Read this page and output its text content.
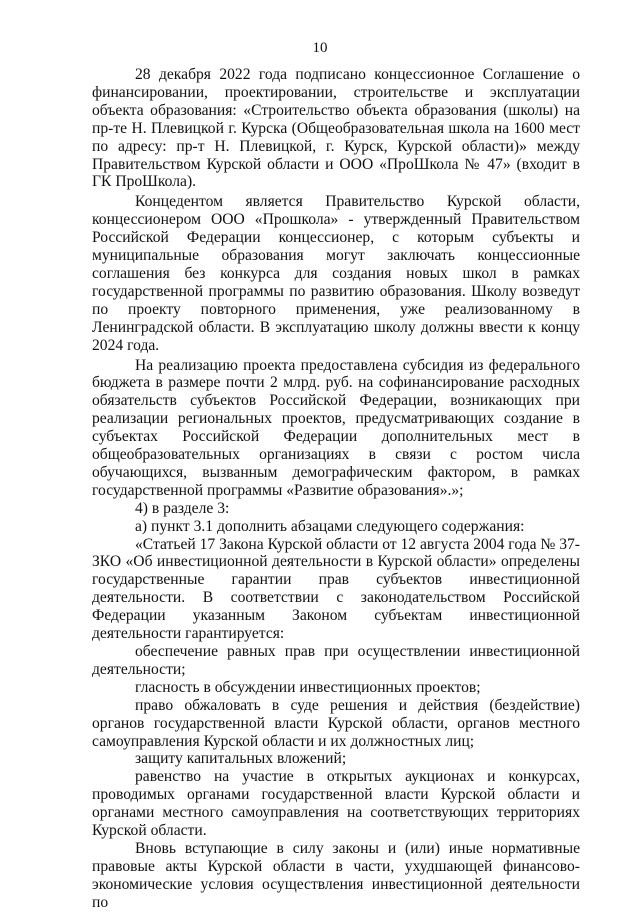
10

28 декабря 2022 года подписано концессионное Соглашение о финансировании, проектировании, строительстве и эксплуатации объекта образования: «Строительство объекта образования (школы) на пр-те Н. Плевицкой г. Курска (Общеобразовательная школа на 1600 мест по адресу: пр-т Н. Плевицкой, г. Курск, Курской области)» между Правительством Курской области и ООО «ПроШкола № 47» (входит в ГК ПроШкола).

Концедентом является Правительство Курской области, концессионером ООО «Прошкола» - утвержденный Правительством Российской Федерации концессионер, с которым субъекты и муниципальные образования могут заключать концессионные соглашения без конкурса для создания новых школ в рамках государственной программы по развитию образования. Школу возведут по проекту повторного применения, уже реализованному в Ленинградской области. В эксплуатацию школу должны ввести к концу 2024 года.

На реализацию проекта предоставлена субсидия из федерального бюджета в размере почти 2 млрд. руб. на софинансирование расходных обязательств субъектов Российской Федерации, возникающих при реализации региональных проектов, предусматривающих создание в субъектах Российской Федерации дополнительных мест в общеобразовательных организациях в связи с ростом числа обучающихся, вызванным демографическим фактором, в рамках государственной программы «Развитие образования».»;

4) в разделе 3:

а) пункт 3.1 дополнить абзацами следующего содержания:

«Статьей 17 Закона Курской области от 12 августа 2004 года № 37-ЗКО «Об инвестиционной деятельности в Курской области» определены государственные гарантии прав субъектов инвестиционной деятельности. В соответствии с законодательством Российской Федерации указанным Законом субъектам инвестиционной деятельности гарантируется:

обеспечение равных прав при осуществлении инвестиционной деятельности;

гласность в обсуждении инвестиционных проектов;

право обжаловать в суде решения и действия (бездействие) органов государственной власти Курской области, органов местного самоуправления Курской области и их должностных лиц;

защиту капитальных вложений;

равенство на участие в открытых аукционах и конкурсах, проводимых органами государственной власти Курской области и органами местного самоуправления на соответствующих территориях Курской области.

Вновь вступающие в силу законы и (или) иные нормативные правовые акты Курской области в части, ухудшающей финансово-экономические условия осуществления инвестиционной деятельности по
